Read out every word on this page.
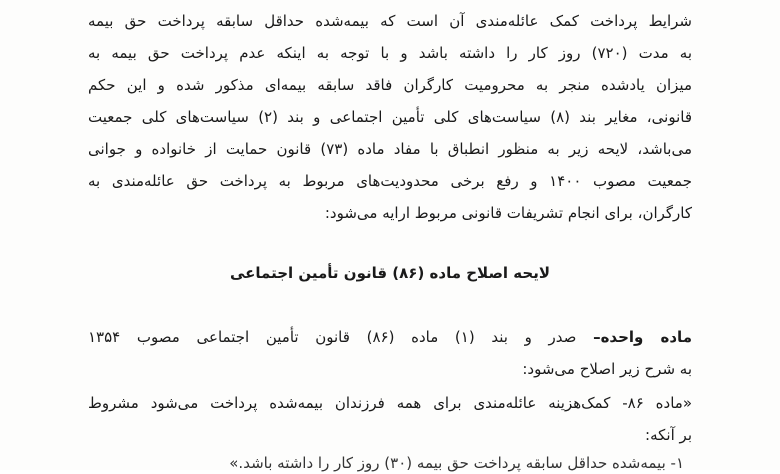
شرایط پرداخت کمک عائله‌مندی آن است که بیمه‌شده حداقل سابقه پرداخت حق بیمه
به مدت (۷۲۰) روز کار را داشته باشد و با توجه به اینکه عدم پرداخت حق بیمه به
میزان یادشده منجر به محرومیت کارگران فاقد سابقه بیمه‌ای مذکور شده و این حکم
قانونی، مغایر بند (۸) سیاست‌های کلی تأمین اجتماعی و بند (۲) سیاست‌های کلی جمعیت
می‌باشد، لایحه زیر به منظور انطباق با مفاد ماده (۷۳) قانون حمایت از خانواده و جوانی
جمعیت مصوب ۱۴۰۰ و رفع برخی محدودیت‌های مربوط به پرداخت حق عائله‌مندی به
کارگران، برای انجام تشریفات قانونی مربوط ارایه می‌شود:
لایحه اصلاح ماده (۸۶) قانون تأمین اجتماعی
ماده واحده– صدر و بند (۱) ماده (۸۶) قانون تأمین اجتماعی مصوب ۱۳۵۴
به شرح زیر اصلاح می‌شود:
«ماده ۸۶- کمک‌هزینه عائله‌مندی برای همه فرزندان بیمه‌شده پرداخت می‌شود مشروط
بر آنکه:
۱- بیمه‌شده حداقل سابقه پرداخت حق بیمه (۳۰) روز کار را داشته باشد.»
